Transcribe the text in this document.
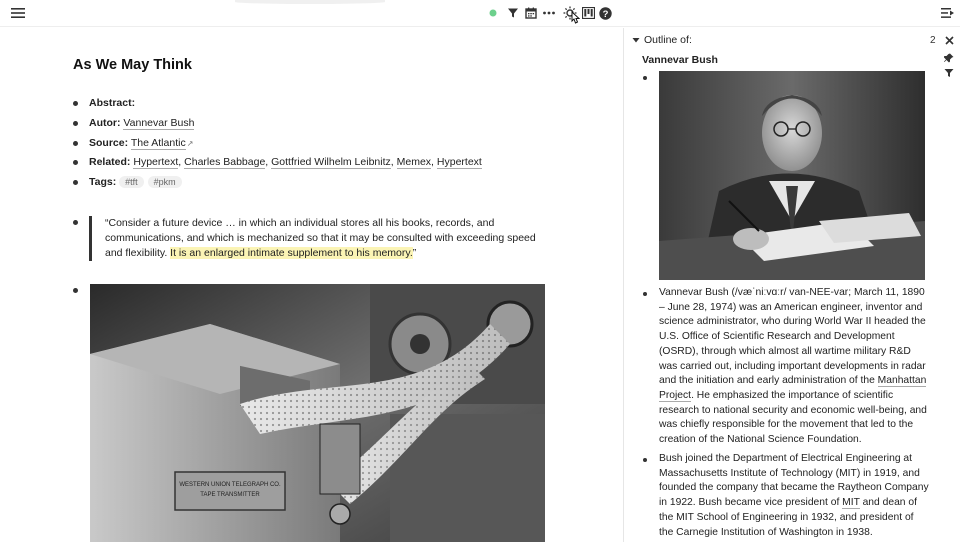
?
As We May Think
Abstract:
Autor: Vannevar Bush
Source: The Atlantic↗
Related: Hypertext, Charles Babbage, Gottfried Wilhelm Leibnitz, Memex, Hypertext
Tags: #tft #pkm
“Consider a future device … in which an individual stores all his books, records, and communications, and which is mechanized so that it may be consulted with exceeding speed and flexibility. It is an enlarged intimate supplement to his memory.”
WESTERN UNION TELEGRAPH CO.
TAPE TRANSMITTER
Outline of:	2
Vannevar Bush
Vannevar Bush (/væˈniːvɑːr/ van-NEE-var; March 11, 1890 – June 28, 1974) was an American engineer, inventor and science administrator, who during World War II headed the U.S. Office of Scientific Research and Development (OSRD), through which almost all wartime military R&D was carried out, including important developments in radar and the initiation and early administration of the Manhattan Project. He emphasized the importance of scientific research to national security and economic well-being, and was chiefly responsible for the movement that led to the creation of the National Science Foundation.
Bush joined the Department of Electrical Engineering at Massachusetts Institute of Technology (MIT) in 1919, and founded the company that became the Raytheon Company in 1922. Bush became vice president of MIT and dean of the MIT School of Engineering in 1932, and president of the Carnegie Institution of Washington in 1938.
